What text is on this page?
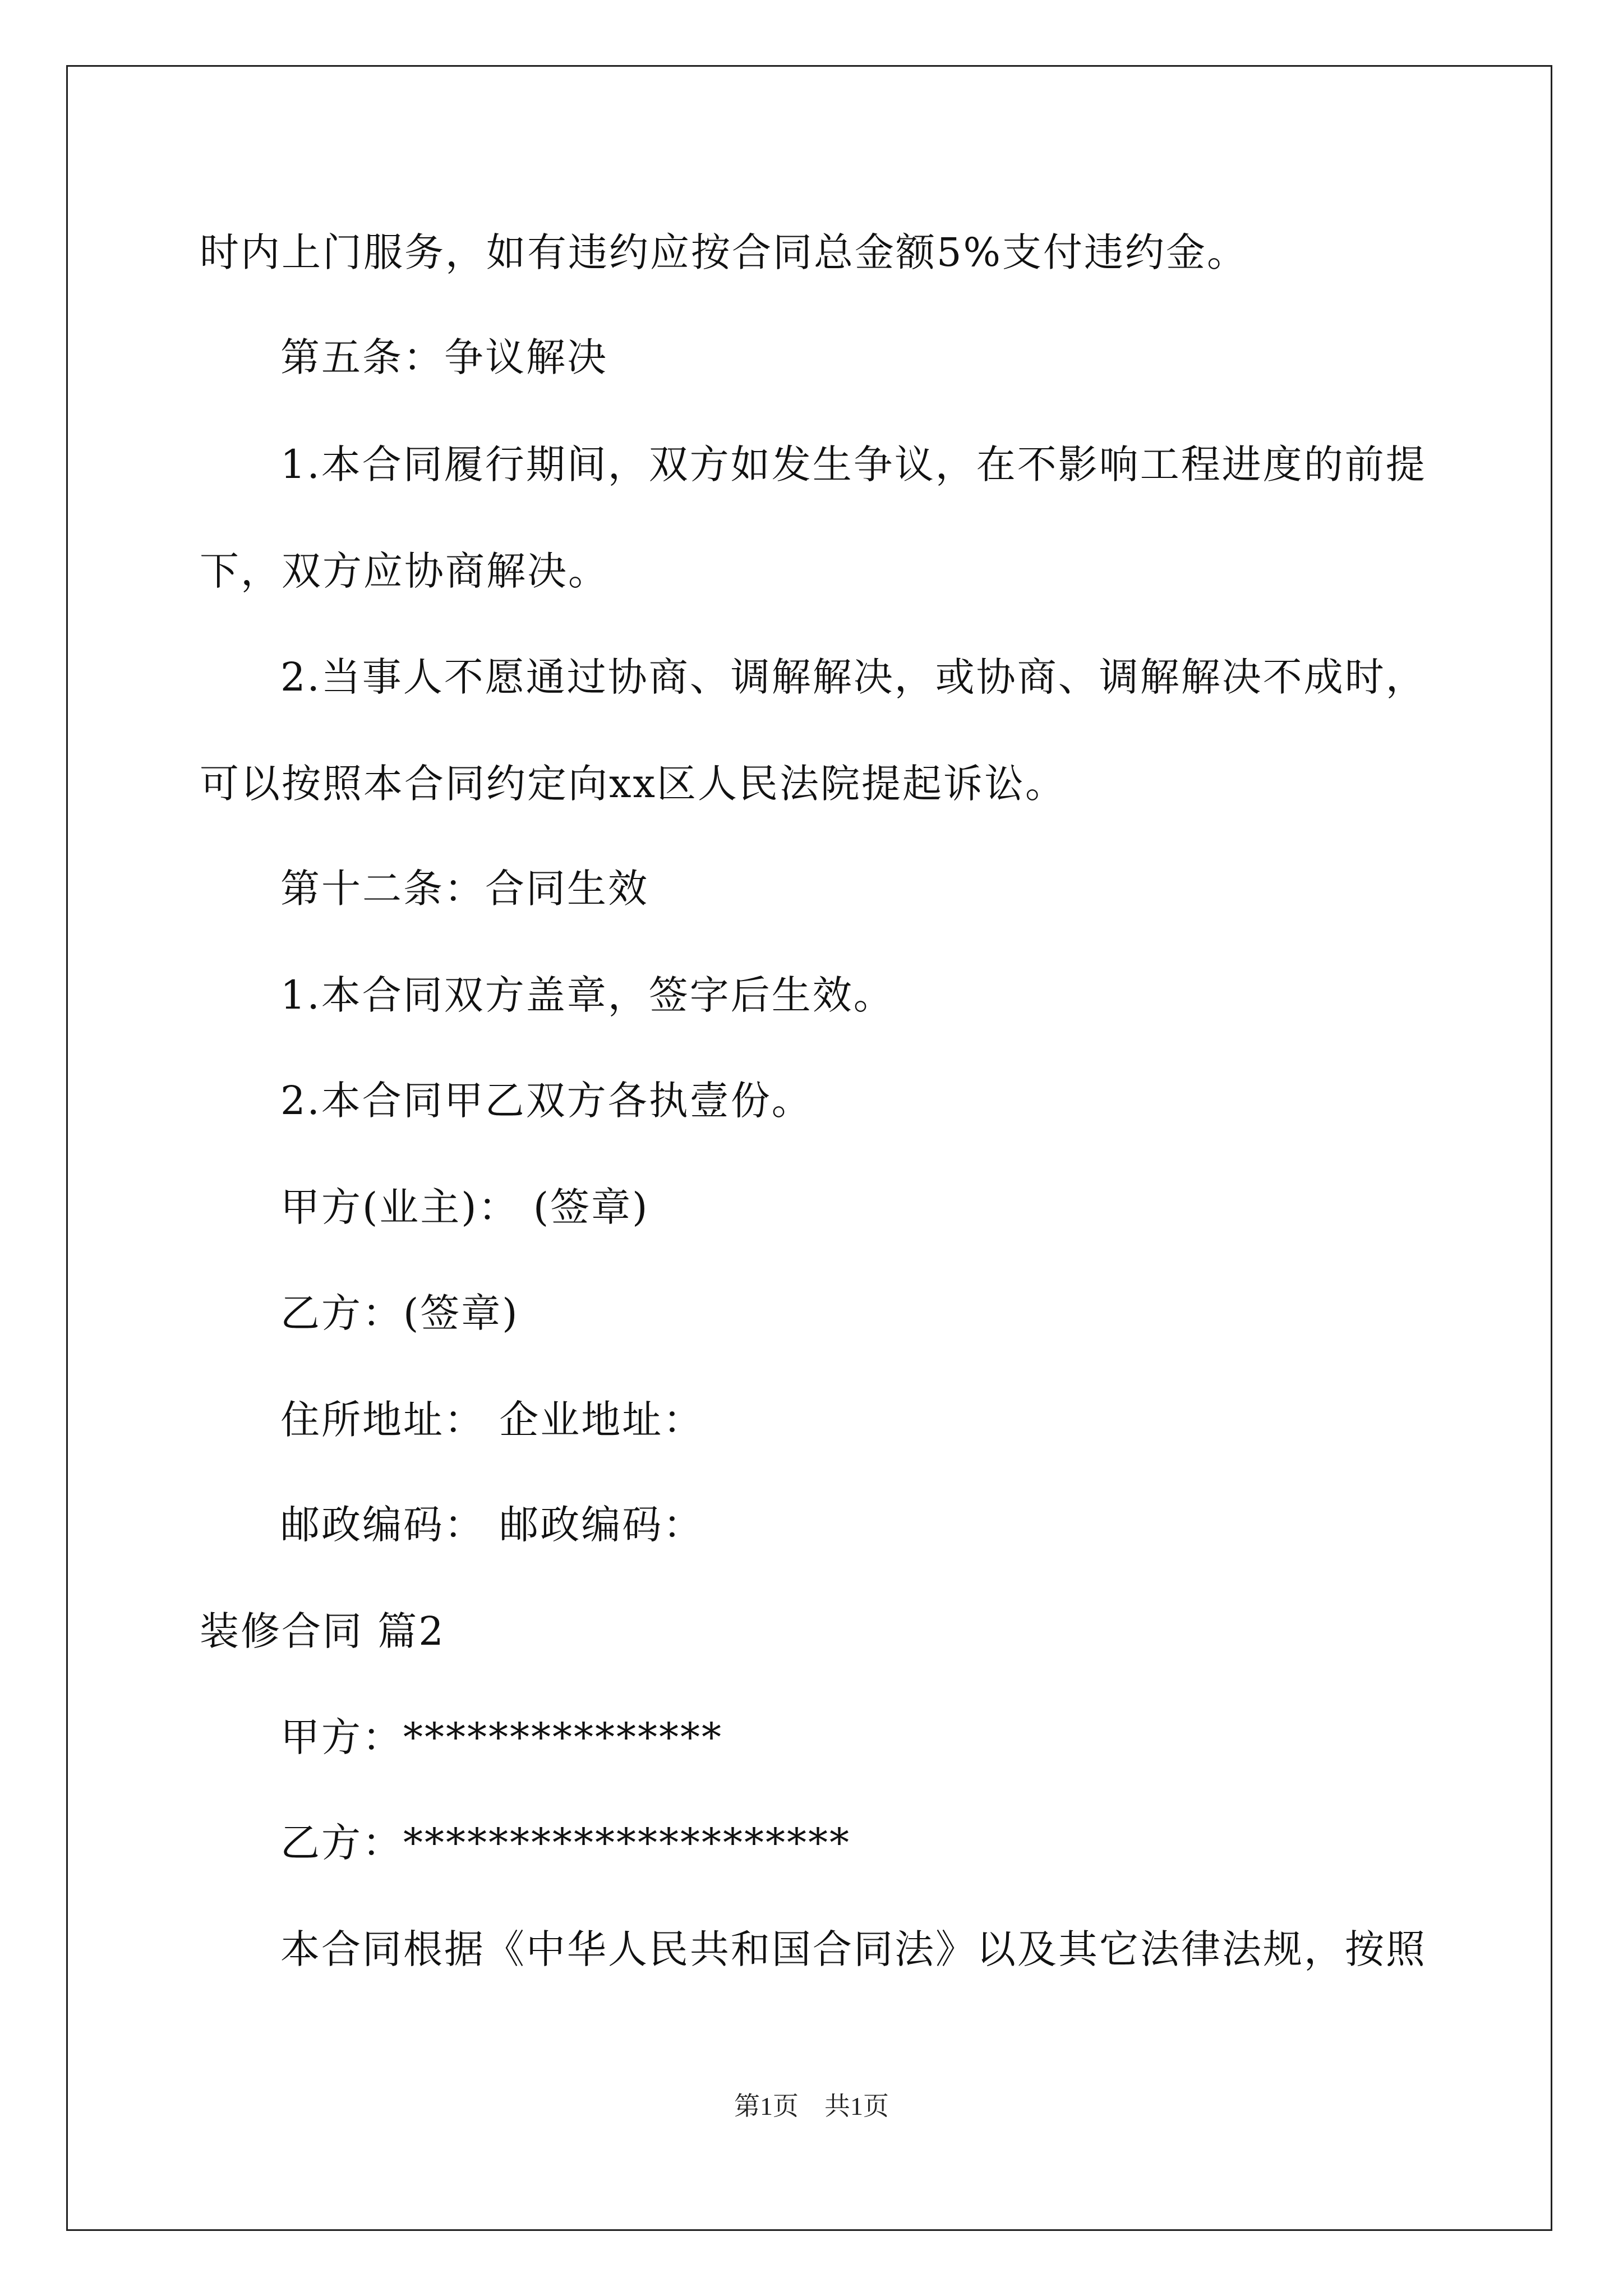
时内上门服务，如有违约应按合同总金额5%支付违约金。
第五条：争议解决
1.本合同履行期间，双方如发生争议，在不影响工程进度的前提
下，双方应协商解决。
2.当事人不愿通过协商、调解解决，或协商、调解解决不成时，
可以按照本合同约定向xx区人民法院提起诉讼。
第十二条：合同生效
1.本合同双方盖章，签字后生效。
2.本合同甲乙双方各执壹份。
甲方(业主)： (签章)
乙方：(签章)
住所地址： 企业地址：
邮政编码： 邮政编码：
装修合同 篇2
甲方：***************
乙方：*********************
本合同根据《中华人民共和国合同法》以及其它法律法规，按照
第1页　共1页
